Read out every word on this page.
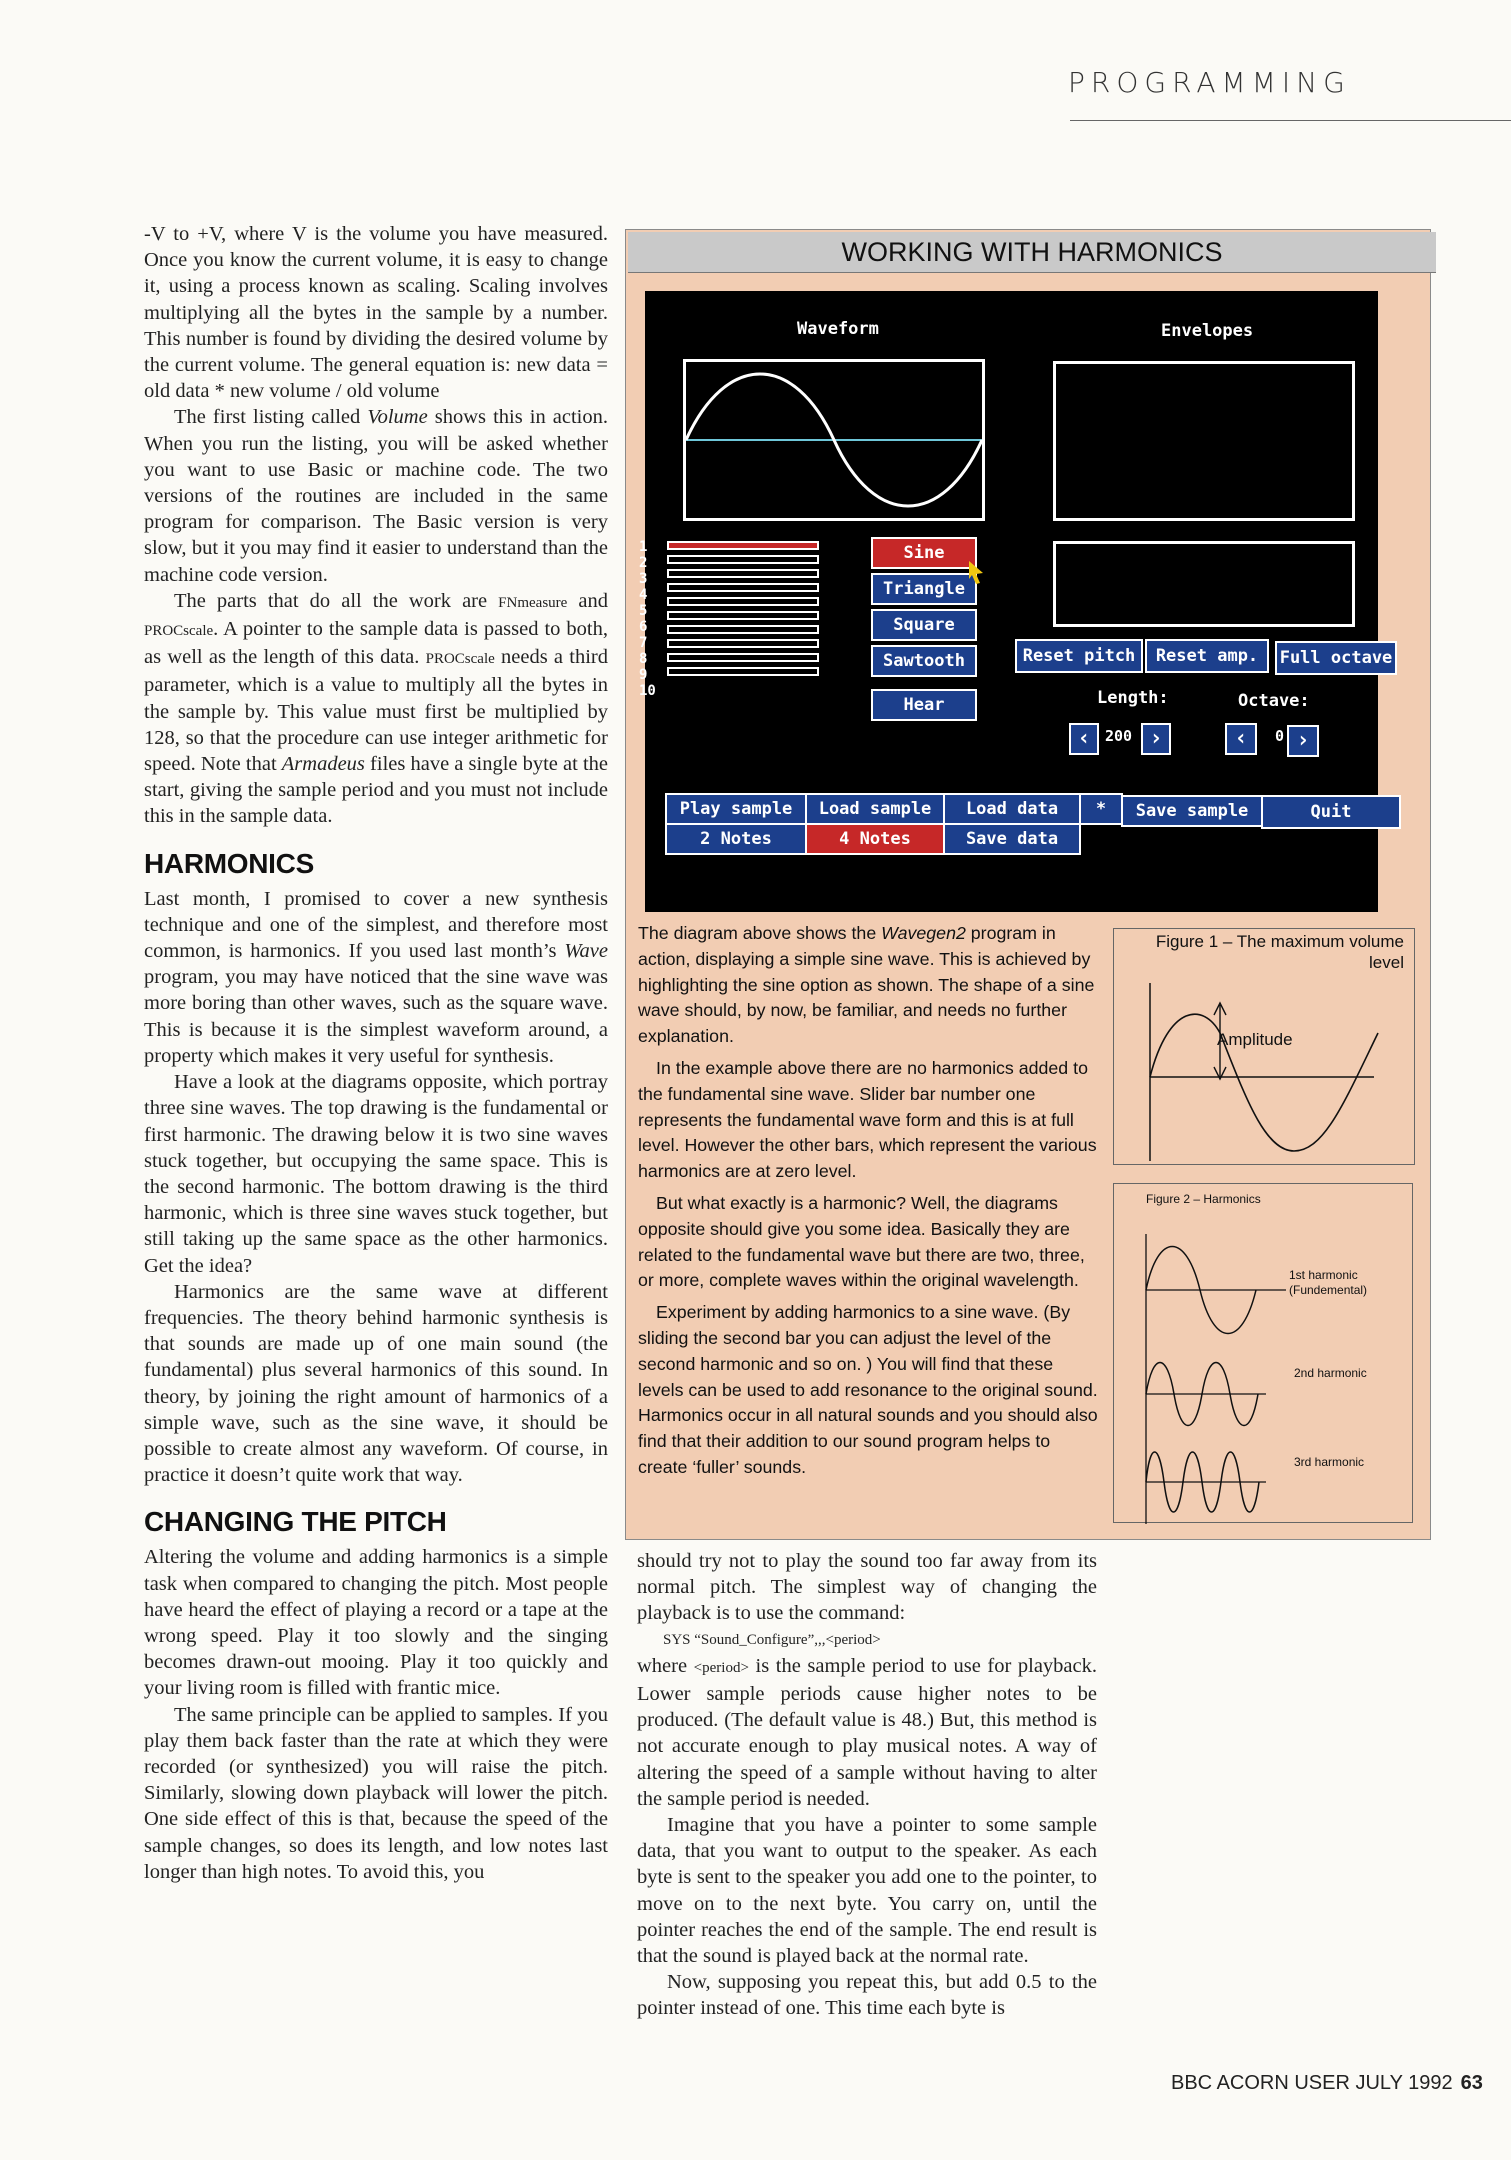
PROGRAMMING

-V to +V, where V is the volume you have measured. Once you know the current volume, it is easy to change it, using a process known as scaling. Scaling involves multiplying all the bytes in the sample by a number. This number is found by dividing the desired volume by the current volume. The general equation is: new data = old data * new volume / old volume

The first listing called Volume shows this in action. When you run the listing, you will be asked whether you want to use Basic or machine code. The two versions of the routines are included in the same program for comparison. The Basic version is very slow, but it you may find it easier to understand than the machine code version.

The parts that do all the work are FNmeasure and PROCscale. A pointer to the sample data is passed to both, as well as the length of this data. PROCscale needs a third parameter, which is a value to multiply all the bytes in the sample by. This value must first be multiplied by 128, so that the procedure can use integer arithmetic for speed. Note that Armadeus files have a single byte at the start, giving the sample period and you must not include this in the sample data.

HARMONICS

Last month, I promised to cover a new synthesis technique and one of the simplest, and therefore most common, is harmonics. If you used last month’s Wave program, you may have noticed that the sine wave was more boring than other waves, such as the square wave. This is because it is the simplest waveform around, a property which makes it very useful for synthesis.

Have a look at the diagrams opposite, which portray three sine waves. The top drawing is the fundamental or first harmonic. The drawing below it is two sine waves stuck together, but occupying the same space. This is the second harmonic. The bottom drawing is the third harmonic, which is three sine waves stuck together, but still taking up the same space as the other harmonics. Get the idea?

Harmonics are the same wave at different frequencies. The theory behind harmonic synthesis is that sounds are made up of one main sound (the fundamental) plus several harmonics of this sound. In theory, by joining the right amount of harmonics of a simple wave, such as the sine wave, it should be possible to create almost any waveform. Of course, in practice it doesn’t quite work that way.

CHANGING THE PITCH

Altering the volume and adding harmonics is a simple task when compared to changing the pitch. Most people have heard the effect of playing a record or a tape at the wrong speed. Play it too slowly and the singing becomes drawn-out mooing. Play it too quickly and your living room is filled with frantic mice.

The same principle can be applied to samples. If you play them back faster than the rate at which they were recorded (or synthesized) you will raise the pitch. Similarly, slowing down playback will lower the pitch. One side effect of this is that, because the speed of the sample changes, so does its length, and low notes last longer than high notes. To avoid this, you

WORKING WITH HARMONICS
Waveform	Envelopes
1
2
3
4
5
6
7
8
9
10
Sine
Triangle
Square
Sawtooth
Hear
Reset pitch	Reset amp.	Full octave
Length:	Octave:
‹ 200 ›	‹	0 ›
Play sample	Load sample	Load data	*	Save sample	Quit
2 Notes	4 Notes	Save data

The diagram above shows the Wavegen2 program in action, displaying a simple sine wave. This is achieved by highlighting the sine option as shown. The shape of a sine wave should, by now, be familiar, and needs no further explanation.

In the example above there are no harmonics added to the fundamental sine wave. Slider bar number one represents the fundamental wave form and this is at full level. However the other bars, which represent the various harmonics are at zero level.

But what exactly is a harmonic? Well, the diagrams opposite should give you some idea. Basically they are related to the fundamental wave but there are two, three, or more, complete waves within the original wavelength.

Experiment by adding harmonics to a sine wave. (By sliding the second bar you can adjust the level of the second harmonic and so on. ) You will find that these levels can be used to add resonance to the original sound. Harmonics occur in all natural sounds and you should also find that their addition to our sound program helps to create ‘fuller’ sounds.

Figure 1 – The maximum volume level
Amplitude
Figure 2 – Harmonics
1st harmonic
(Fundemental)
2nd harmonic
3rd harmonic

should try not to play the sound too far away from its normal pitch. The simplest way of changing the playback is to use the command:

SYS “Sound_Configure”,,,<period>

where <period> is the sample period to use for playback. Lower sample periods cause higher notes to be produced. (The default value is 48.) But, this method is not accurate enough to play musical notes. A way of altering the speed of a sample without having to alter the sample period is needed.

Imagine that you have a pointer to some sample data, that you want to output to the speaker. As each byte is sent to the speaker you add one to the pointer, to move on to the next byte. You carry on, until the pointer reaches the end of the sample. The end result is that the sound is played back at the normal rate.

Now, supposing you repeat this, but add 0.5 to the pointer instead of one. This time each byte is

BBC ACORN USER JULY 1992 63
